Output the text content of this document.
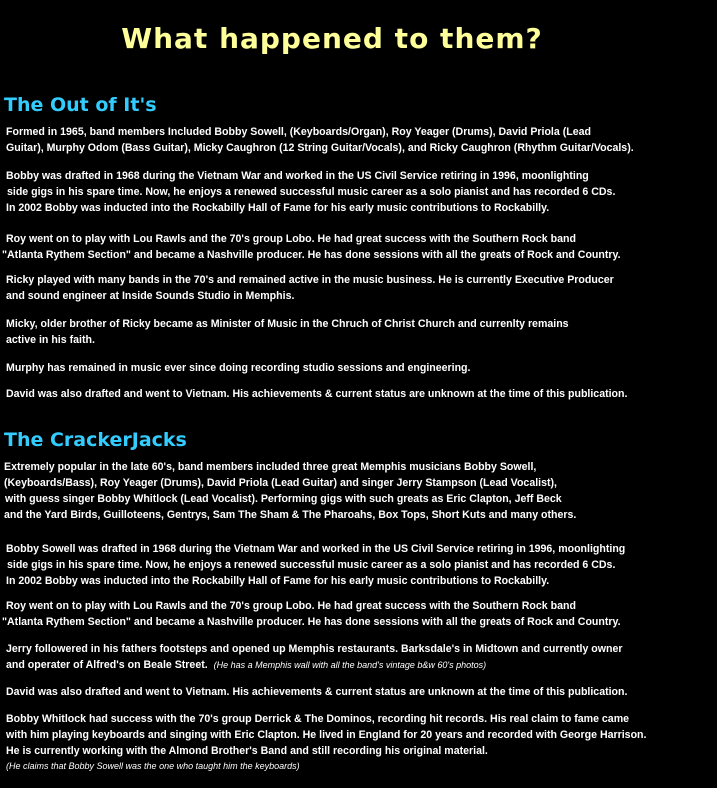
What happened to them?
The Out of It's

Formed in 1965, band members Included Bobby Sowell, (Keyboards/Organ), Roy Yeager (Drums), David Priola (Lead
Guitar), Murphy Odom (Bass Guitar), Micky Caughron (12 String Guitar/Vocals), and Ricky Caughron (Rhythm Guitar/Vocals).

Bobby was drafted in 1968 during the Vietnam War and worked in the US Civil Service retiring in 1996, moonlighting
side gigs in his spare time. Now, he enjoys a renewed successful music career as a solo pianist and has recorded 6 CDs.
In 2002 Bobby was inducted into the Rockabilly Hall of Fame for his early music contributions to Rockabilly.

Roy went on to play with Lou Rawls and the 70's group Lobo. He had great success with the Southern Rock band
"Atlanta Rythem Section" and became a Nashville producer. He has done sessions with all the greats of Rock and Country.

Ricky played with many bands in the 70's and remained active in the music business. He is currently Executive Producer
and sound engineer at Inside Sounds Studio in Memphis.

Micky, older brother of Ricky became as Minister of Music in the Chruch of Christ Church and currenlty remains
active in his faith.

Murphy has remained in music ever since doing recording studio sessions and engineering.

David was also drafted and went to Vietnam. His achievements & current status are unknown at the time of this publication.

The CrackerJacks

Extremely popular in the late 60's, band members included three great Memphis musicians Bobby Sowell,
(Keyboards/Bass), Roy Yeager (Drums), David Priola (Lead Guitar) and singer Jerry Stampson (Lead Vocalist),
with guess singer Bobby Whitlock (Lead Vocalist). Performing gigs with such greats as Eric Clapton, Jeff Beck
and the Yard Birds, Guilloteens, Gentrys, Sam The Sham & The Pharoahs, Box Tops, Short Kuts and many others.

Bobby Sowell was drafted in 1968 during the Vietnam War and worked in the US Civil Service retiring in 1996, moonlighting
side gigs in his spare time. Now, he enjoys a renewed successful music career as a solo pianist and has recorded 6 CDs.
In 2002 Bobby was inducted into the Rockabilly Hall of Fame for his early music contributions to Rockabilly.

Roy went on to play with Lou Rawls and the 70's group Lobo. He had great success with the Southern Rock band
"Atlanta Rythem Section" and became a Nashville producer. He has done sessions with all the greats of Rock and Country.

Jerry followered in his fathers footsteps and opened up Memphis restaurants. Barksdale's in Midtown and currently owner
and operater of Alfred's on Beale Street. (He has a Memphis wall with all the band's vintage b&w 60's photos)

David was also drafted and went to Vietnam. His achievements & current status are unknown at the time of this publication.

Bobby Whitlock had success with the 70's group Derrick & The Dominos, recording hit records. His real claim to fame came
with him playing keyboards and singing with Eric Clapton. He lived in England for 20 years and recorded with George Harrison.
He is currently working with the Almond Brother's Band and still recording his original material.

(He claims that Bobby Sowell was the one who taught him the keyboards)
